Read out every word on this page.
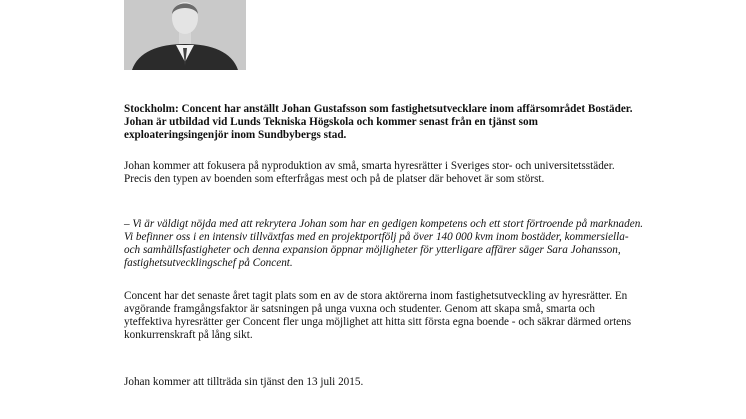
Stockholm: Concent har anställt Johan Gustafsson som fastighetsutvecklare inom affärsområdet Bostäder. Johan är utbildad vid Lunds Tekniska Högskola och kommer senast från en tjänst som exploateringsingenjör inom Sundbybergs stad.

Johan kommer att fokusera på nyproduktion av små, smarta hyresrätter i Sveriges stor- och universitetsstäder. Precis den typen av boenden som efterfrågas mest och på de platser där behovet är som störst.

– Vi är väldigt nöjda med att rekrytera Johan som har en gedigen kompetens och ett stort förtroende på marknaden. Vi befinner oss i en intensiv tillväxtfas med en projektportfölj på över 140 000 kvm inom bostäder, kommersiella- och samhällsfastigheter och denna expansion öppnar möjligheter för ytterligare affärer säger Sara Johansson, fastighetsutvecklingschef på Concent.

Concent har det senaste året tagit plats som en av de stora aktörerna inom fastighetsutveckling av hyresrätter. En avgörande framgångsfaktor är satsningen på unga vuxna och studenter. Genom att skapa små, smarta och yteffektiva hyresrätter ger Concent fler unga möjlighet att hitta sitt första egna boende - och säkrar därmed ortens konkurrenskraft på lång sikt.

Johan kommer att tillträda sin tjänst den 13 juli 2015.
